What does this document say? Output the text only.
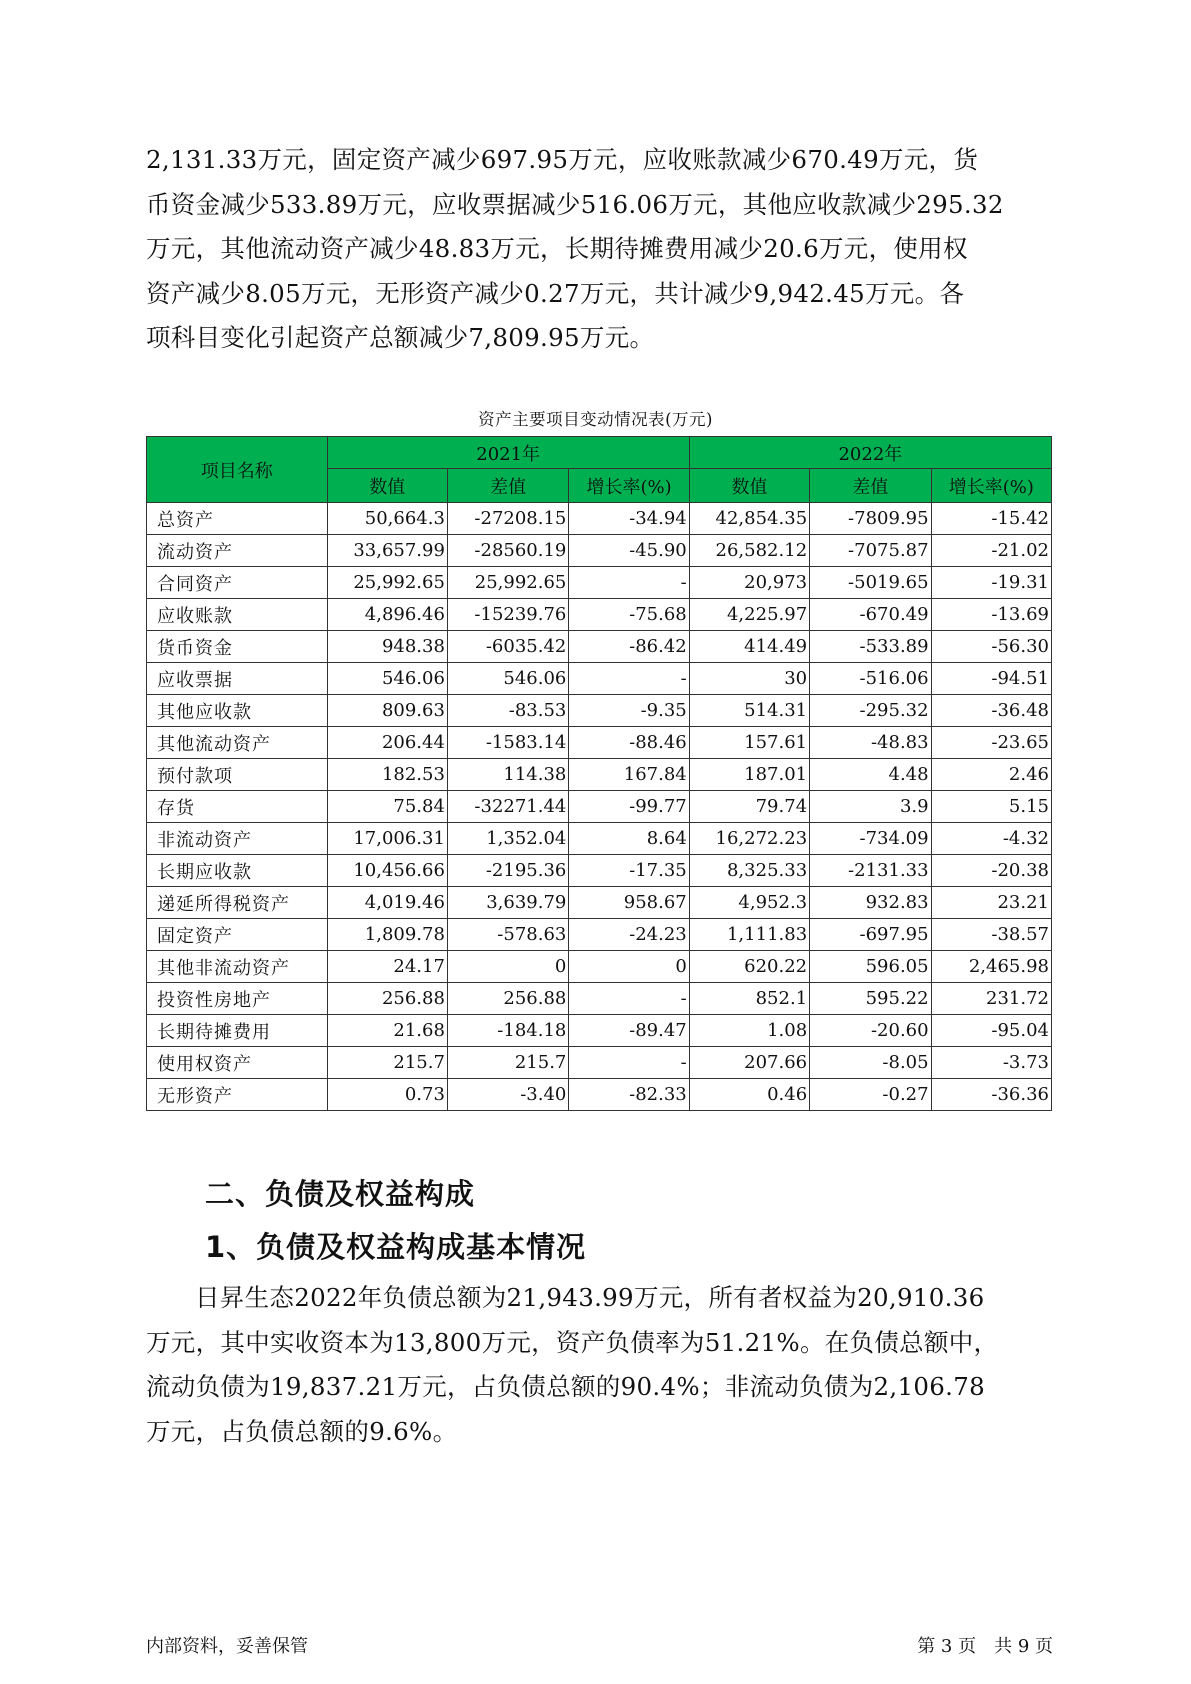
2,131.33万元，固定资产减少697.95万元，应收账款减少670.49万元，货
币资金减少533.89万元，应收票据减少516.06万元，其他应收款减少295.32
万元，其他流动资产减少48.83万元，长期待摊费用减少20.6万元，使用权
资产减少8.05万元，无形资产减少0.27万元，共计减少9,942.45万元。各
项科目变化引起资产总额减少7,809.95万元。
资产主要项目变动情况表(万元)
项目名称	2021年			2022年		
	数值	差值	增长率(%)	数值	差值	增长率(%)
总资产	50,664.3	-27208.15	-34.94	42,854.35	-7809.95	-15.42
流动资产	33,657.99	-28560.19	-45.90	26,582.12	-7075.87	-21.02
合同资产	25,992.65	25,992.65	-	20,973	-5019.65	-19.31
应收账款	4,896.46	-15239.76	-75.68	4,225.97	-670.49	-13.69
货币资金	948.38	-6035.42	-86.42	414.49	-533.89	-56.30
应收票据	546.06	546.06	-	30	-516.06	-94.51
其他应收款	809.63	-83.53	-9.35	514.31	-295.32	-36.48
其他流动资产	206.44	-1583.14	-88.46	157.61	-48.83	-23.65
预付款项	182.53	114.38	167.84	187.01	4.48	2.46
存货	75.84	-32271.44	-99.77	79.74	3.9	5.15
非流动资产	17,006.31	1,352.04	8.64	16,272.23	-734.09	-4.32
长期应收款	10,456.66	-2195.36	-17.35	8,325.33	-2131.33	-20.38
递延所得税资产	4,019.46	3,639.79	958.67	4,952.3	932.83	23.21
固定资产	1,809.78	-578.63	-24.23	1,111.83	-697.95	-38.57
其他非流动资产	24.17	0	0	620.22	596.05	2,465.98
投资性房地产	256.88	256.88	-	852.1	595.22	231.72
长期待摊费用	21.68	-184.18	-89.47	1.08	-20.60	-95.04
使用权资产	215.7	215.7	-	207.66	-8.05	-3.73
无形资产	0.73	-3.40	-82.33	0.46	-0.27	-36.36
二、负债及权益构成
1、负债及权益构成基本情况
日昇生态2022年负债总额为21,943.99万元，所有者权益为20,910.36
万元，其中实收资本为13,800万元，资产负债率为51.21%。在负债总额中，
流动负债为19,837.21万元，占负债总额的90.4%；非流动负债为2,106.78
万元，占负债总额的9.6%。
内部资料，妥善保管	第 3 页　共 9 页
